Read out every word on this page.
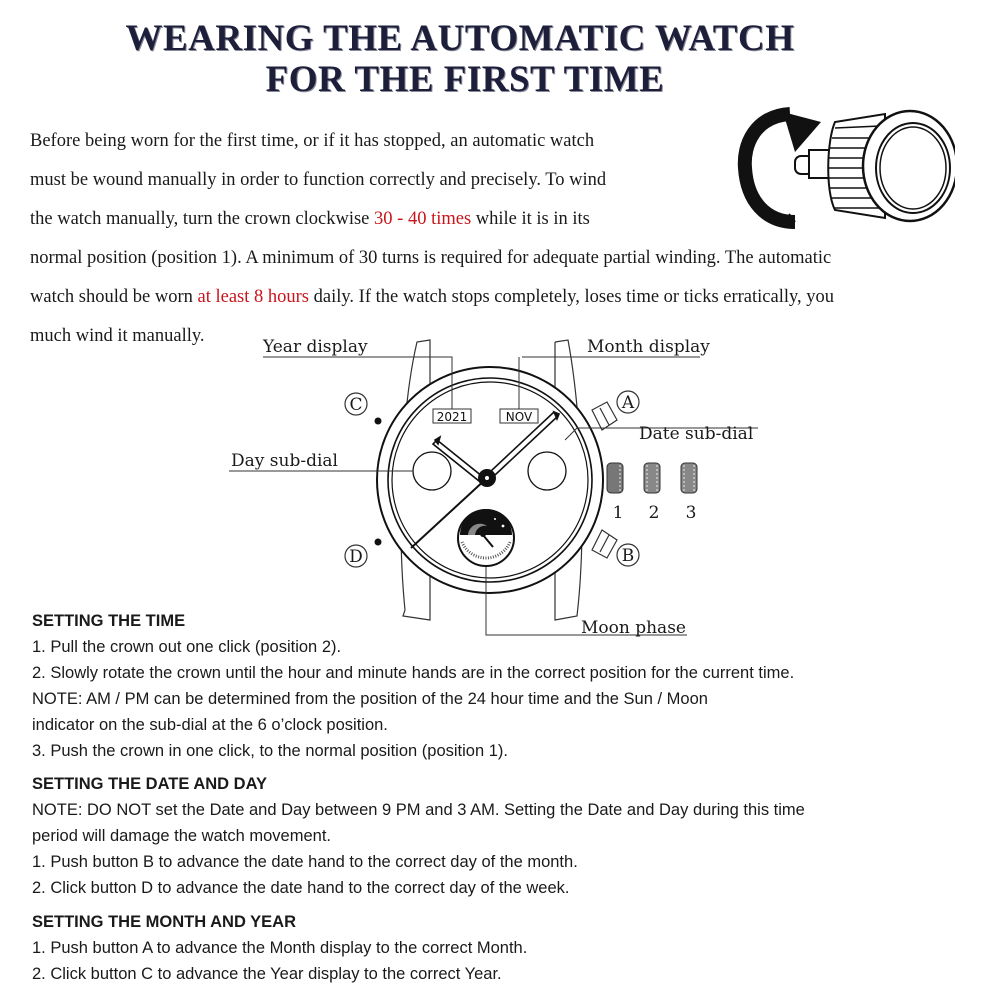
WEARING THE AUTOMATIC WATCH
FOR THE FIRST TIME
Before being worn for the first time, or if it has stopped, an automatic watch
must be wound manually in order to function correctly and precisely. To wind
the watch manually, turn the crown clockwise 30 - 40 times while it is in its
normal position (position 1). A minimum of 30 turns is required for adequate partial winding. The automatic
watch should be worn at least 8 hours daily. If the watch stops completely, loses time or ticks erratically, you
much wind it manually.
1 2 3
2021	NOV
C
D
A
B
Year display	Month display
Date sub-dial
Day sub-dial
Moon phase
SETTING THE TIME

1. Pull the crown out one click (position 2).

2. Slowly rotate the crown until the hour and minute hands are in the correct position for the current time.

NOTE: AM / PM can be determined from the position of the 24 hour time and the Sun / Moon

indicator on the sub-dial at the 6 o’clock position.

3. Push the crown in one click, to the normal position (position 1).

SETTING THE DATE AND DAY

NOTE: DO NOT set the Date and Day between 9 PM and 3 AM. Setting the Date and Day during this time

period will damage the watch movement.

1. Push button B to advance the date hand to the correct day of the month.

2. Click button D to advance the date hand to the correct day of the week.

SETTING THE MONTH AND YEAR

1. Push button A to advance the Month display to the correct Month.

2. Click button C to advance the Year display to the correct Year.
